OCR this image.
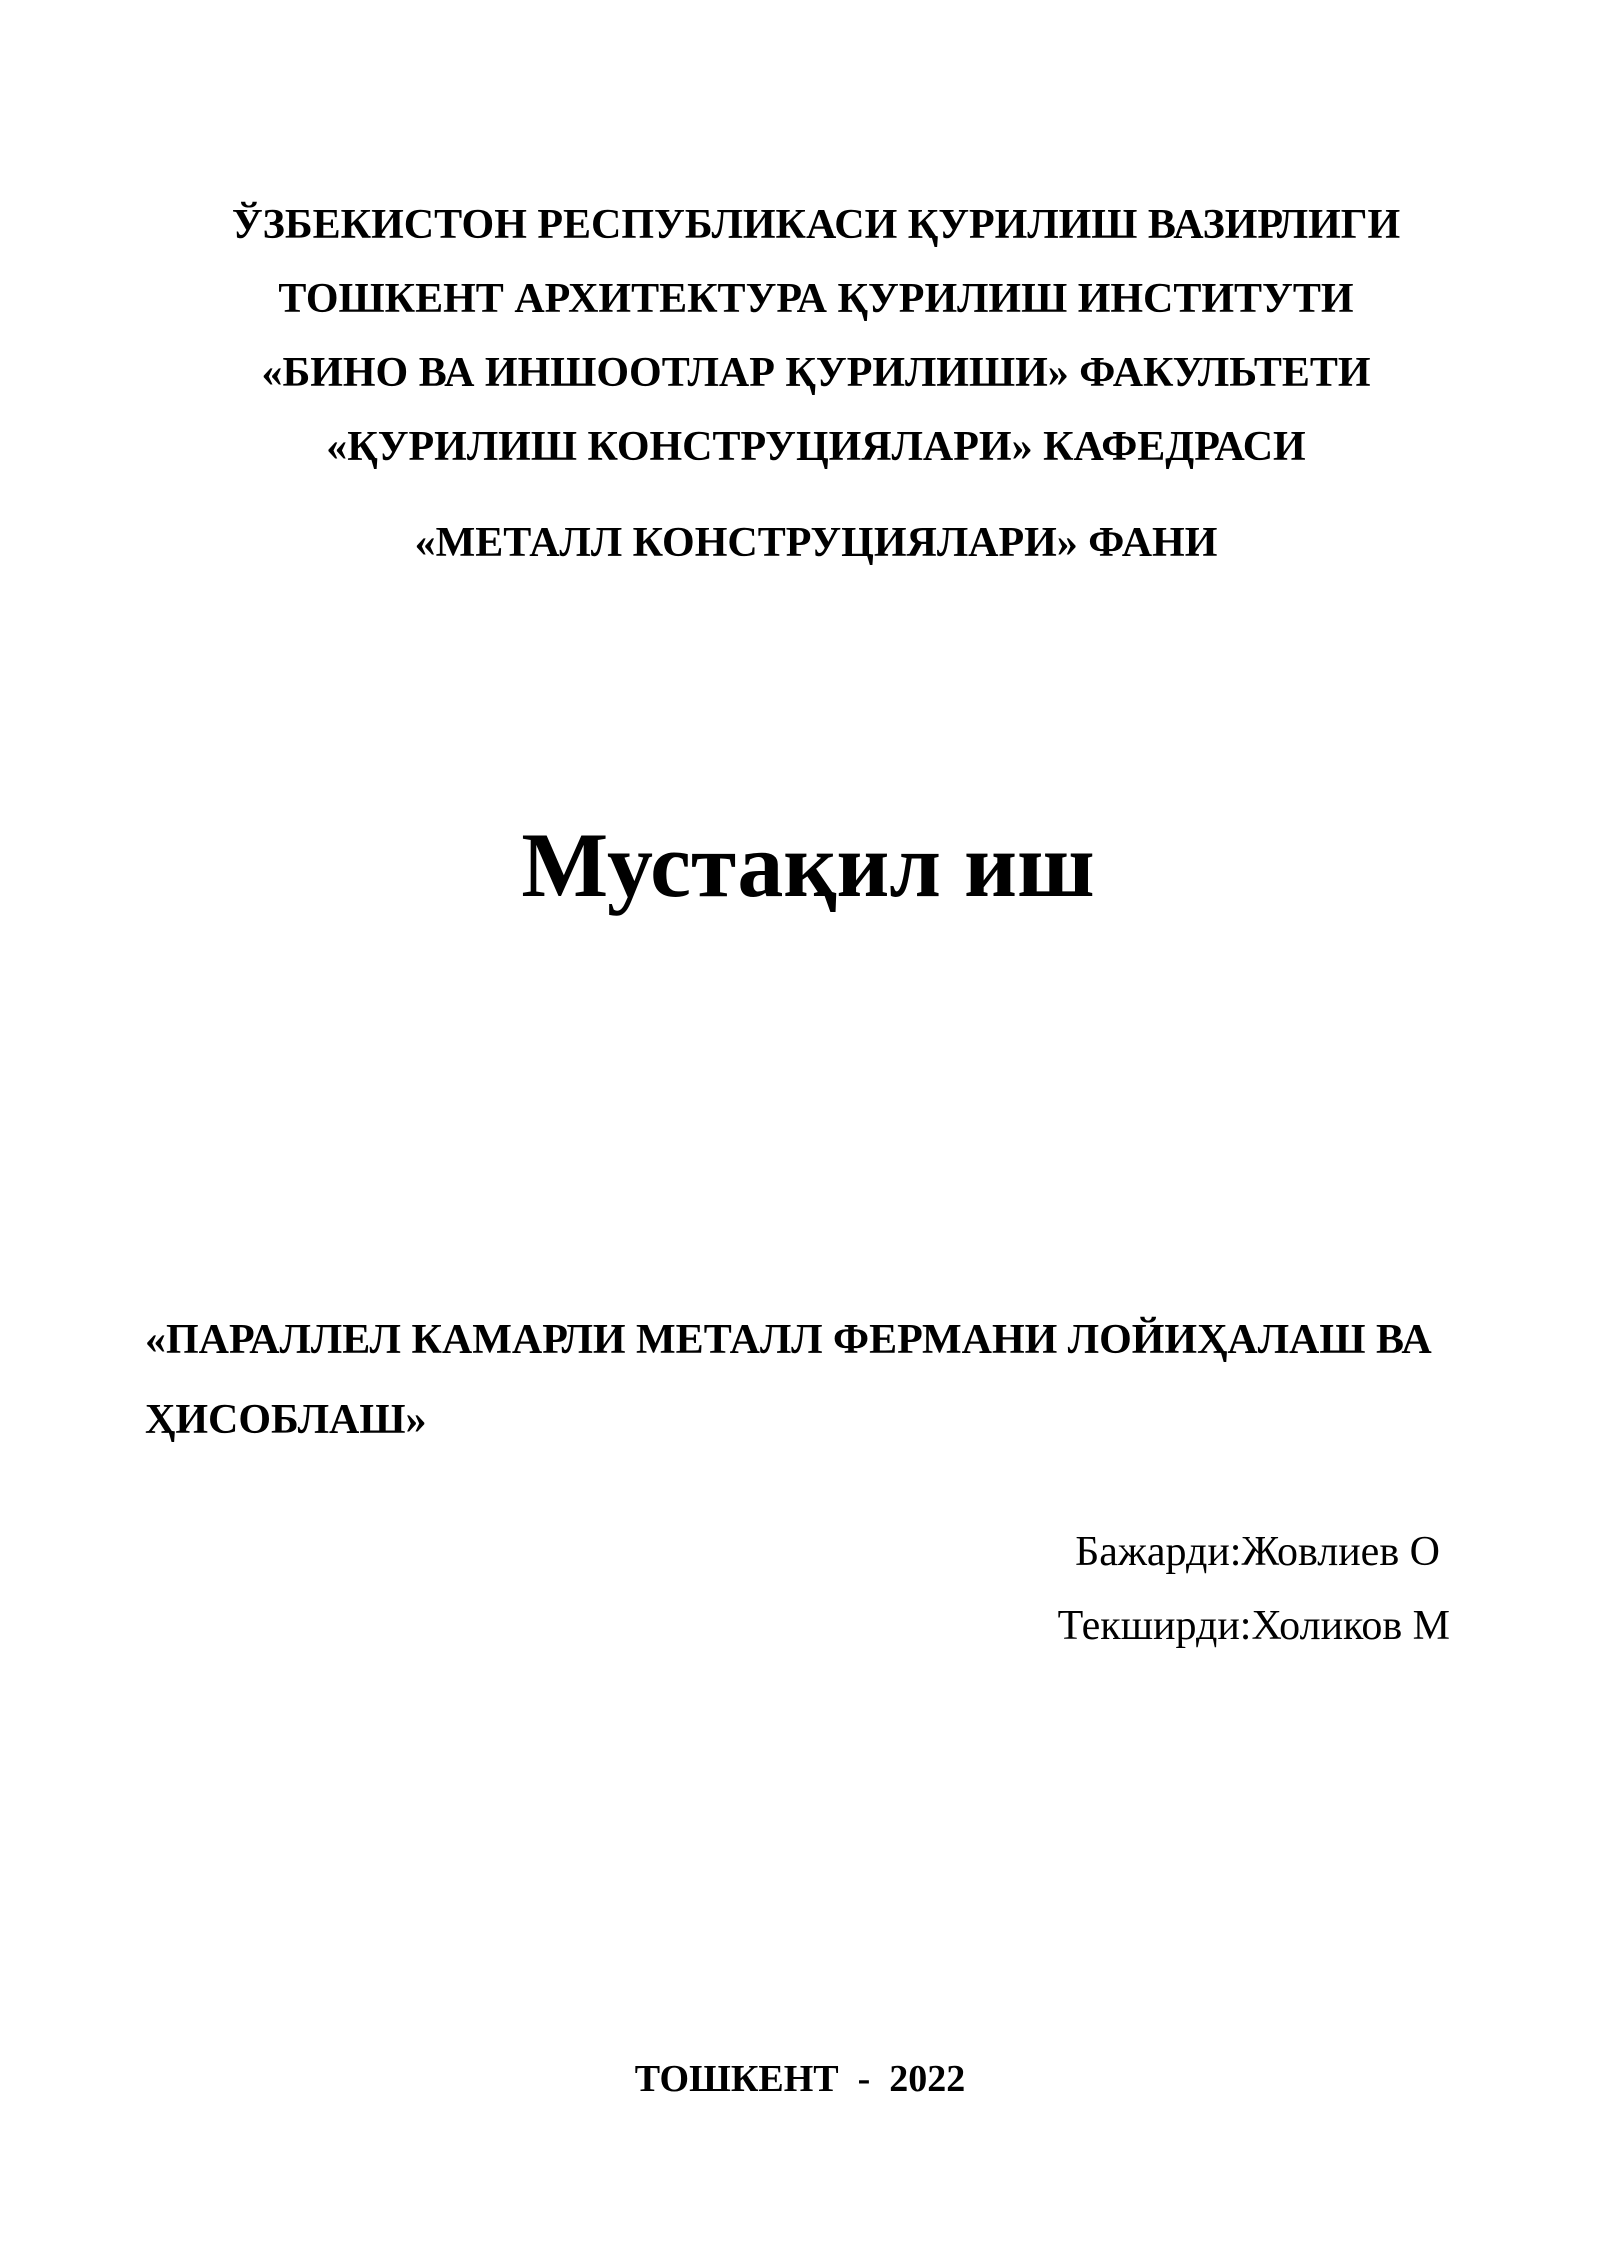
ЎЗБЕКИСТОН РЕСПУБЛИКАСИ ҚУРИЛИШ ВАЗИРЛИГИ
ТОШКЕНТ АРХИТЕКТУРА ҚУРИЛИШ ИНСТИТУТИ
«БИНО ВА ИНШООТЛАР ҚУРИЛИШИ» ФАКУЛЬТЕТИ
«ҚУРИЛИШ КОНСТРУЦИЯЛАРИ» КАФЕДРАСИ
«МЕТАЛЛ КОНСТРУЦИЯЛАРИ» ФАНИ
Мустақил иш
«ПАРАЛЛЕЛ КАМАРЛИ МЕТАЛЛ ФЕРМАНИ ЛОЙИҲАЛАШ ВА ҲИСОБЛАШ»
Бажарди:Жовлиев О
Текширди:Холиков М
ТОШКЕНТ  -  2022
